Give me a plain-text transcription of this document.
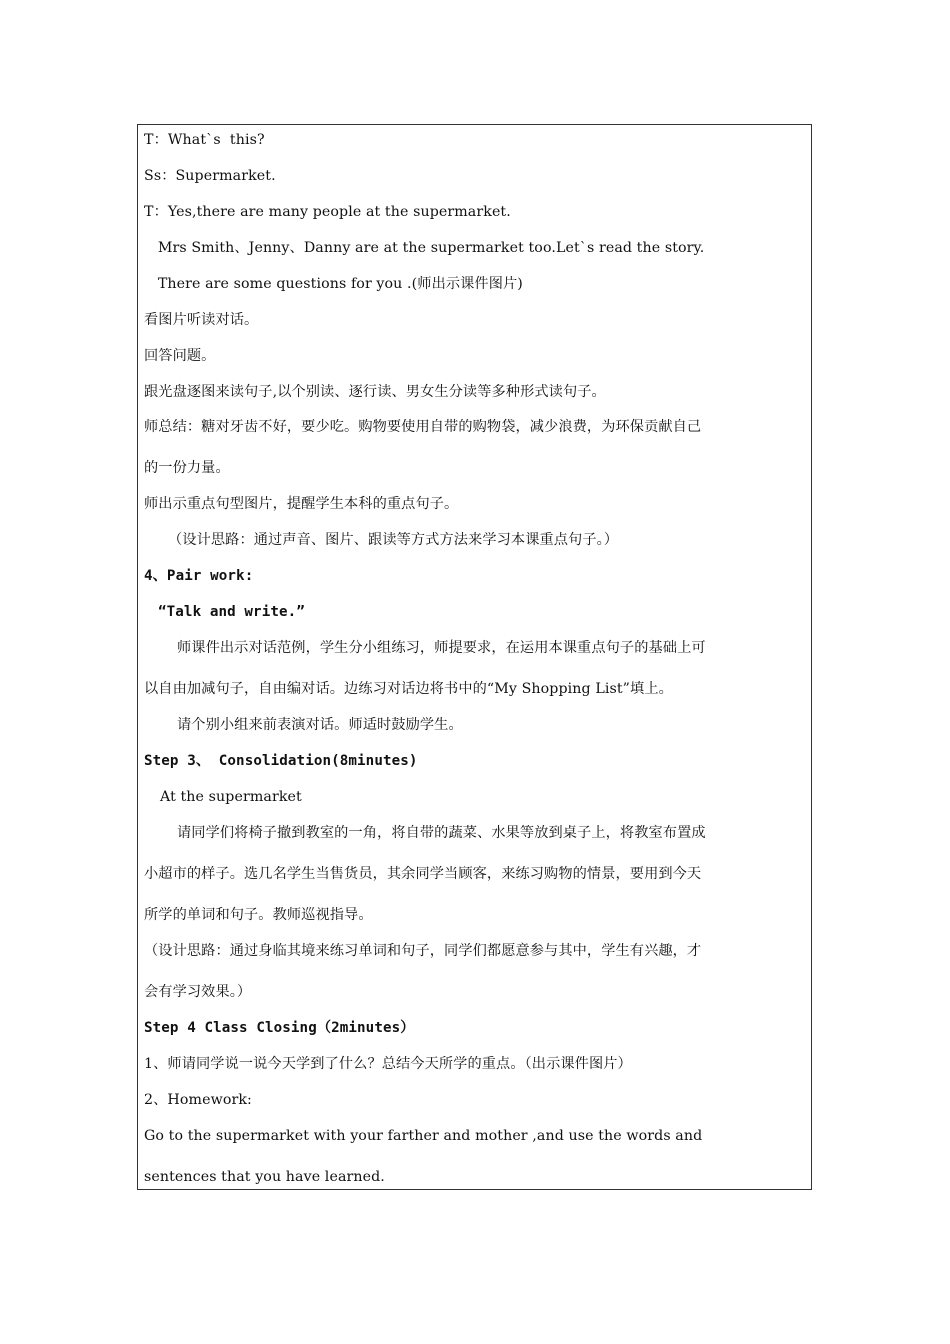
T：What`s  this?
Ss：Supermarket.
T：Yes,there are many people at the supermarket.
Mrs Smith、Jenny、Danny are at the supermarket too.Let`s read the story.
There are some questions for you .(师出示课件图片)
看图片听读对话。
回答问题。
跟光盘逐图来读句子,以个别读、逐行读、男女生分读等多种形式读句子。
师总结：糖对牙齿不好，要少吃。购物要使用自带的购物袋，减少浪费，为环保贡献自己
的一份力量。
师出示重点句型图片，提醒学生本科的重点句子。
（设计思路：通过声音、图片、跟读等方式方法来学习本课重点句子。）
4、Pair work:
“Talk and write.”
师课件出示对话范例，学生分小组练习，师提要求，在运用本课重点句子的基础上可
以自由加减句子，自由编对话。边练习对话边将书中的“My Shopping List”填上。
请个别小组来前表演对话。师适时鼓励学生。
Step 3、 Consolidation(8minutes)
At the supermarket
请同学们将椅子撤到教室的一角，将自带的蔬菜、水果等放到桌子上，将教室布置成
小超市的样子。选几名学生当售货员，其余同学当顾客，来练习购物的情景，要用到今天
所学的单词和句子。教师巡视指导。
（设计思路：通过身临其境来练习单词和句子，同学们都愿意参与其中，学生有兴趣，才
会有学习效果。）
Step 4 Class Closing（2minutes）
1、师请同学说一说今天学到了什么？总结今天所学的重点。（出示课件图片）
2、Homework:
Go to the supermarket with your farther and mother ,and use the words and
sentences that you have learned.
